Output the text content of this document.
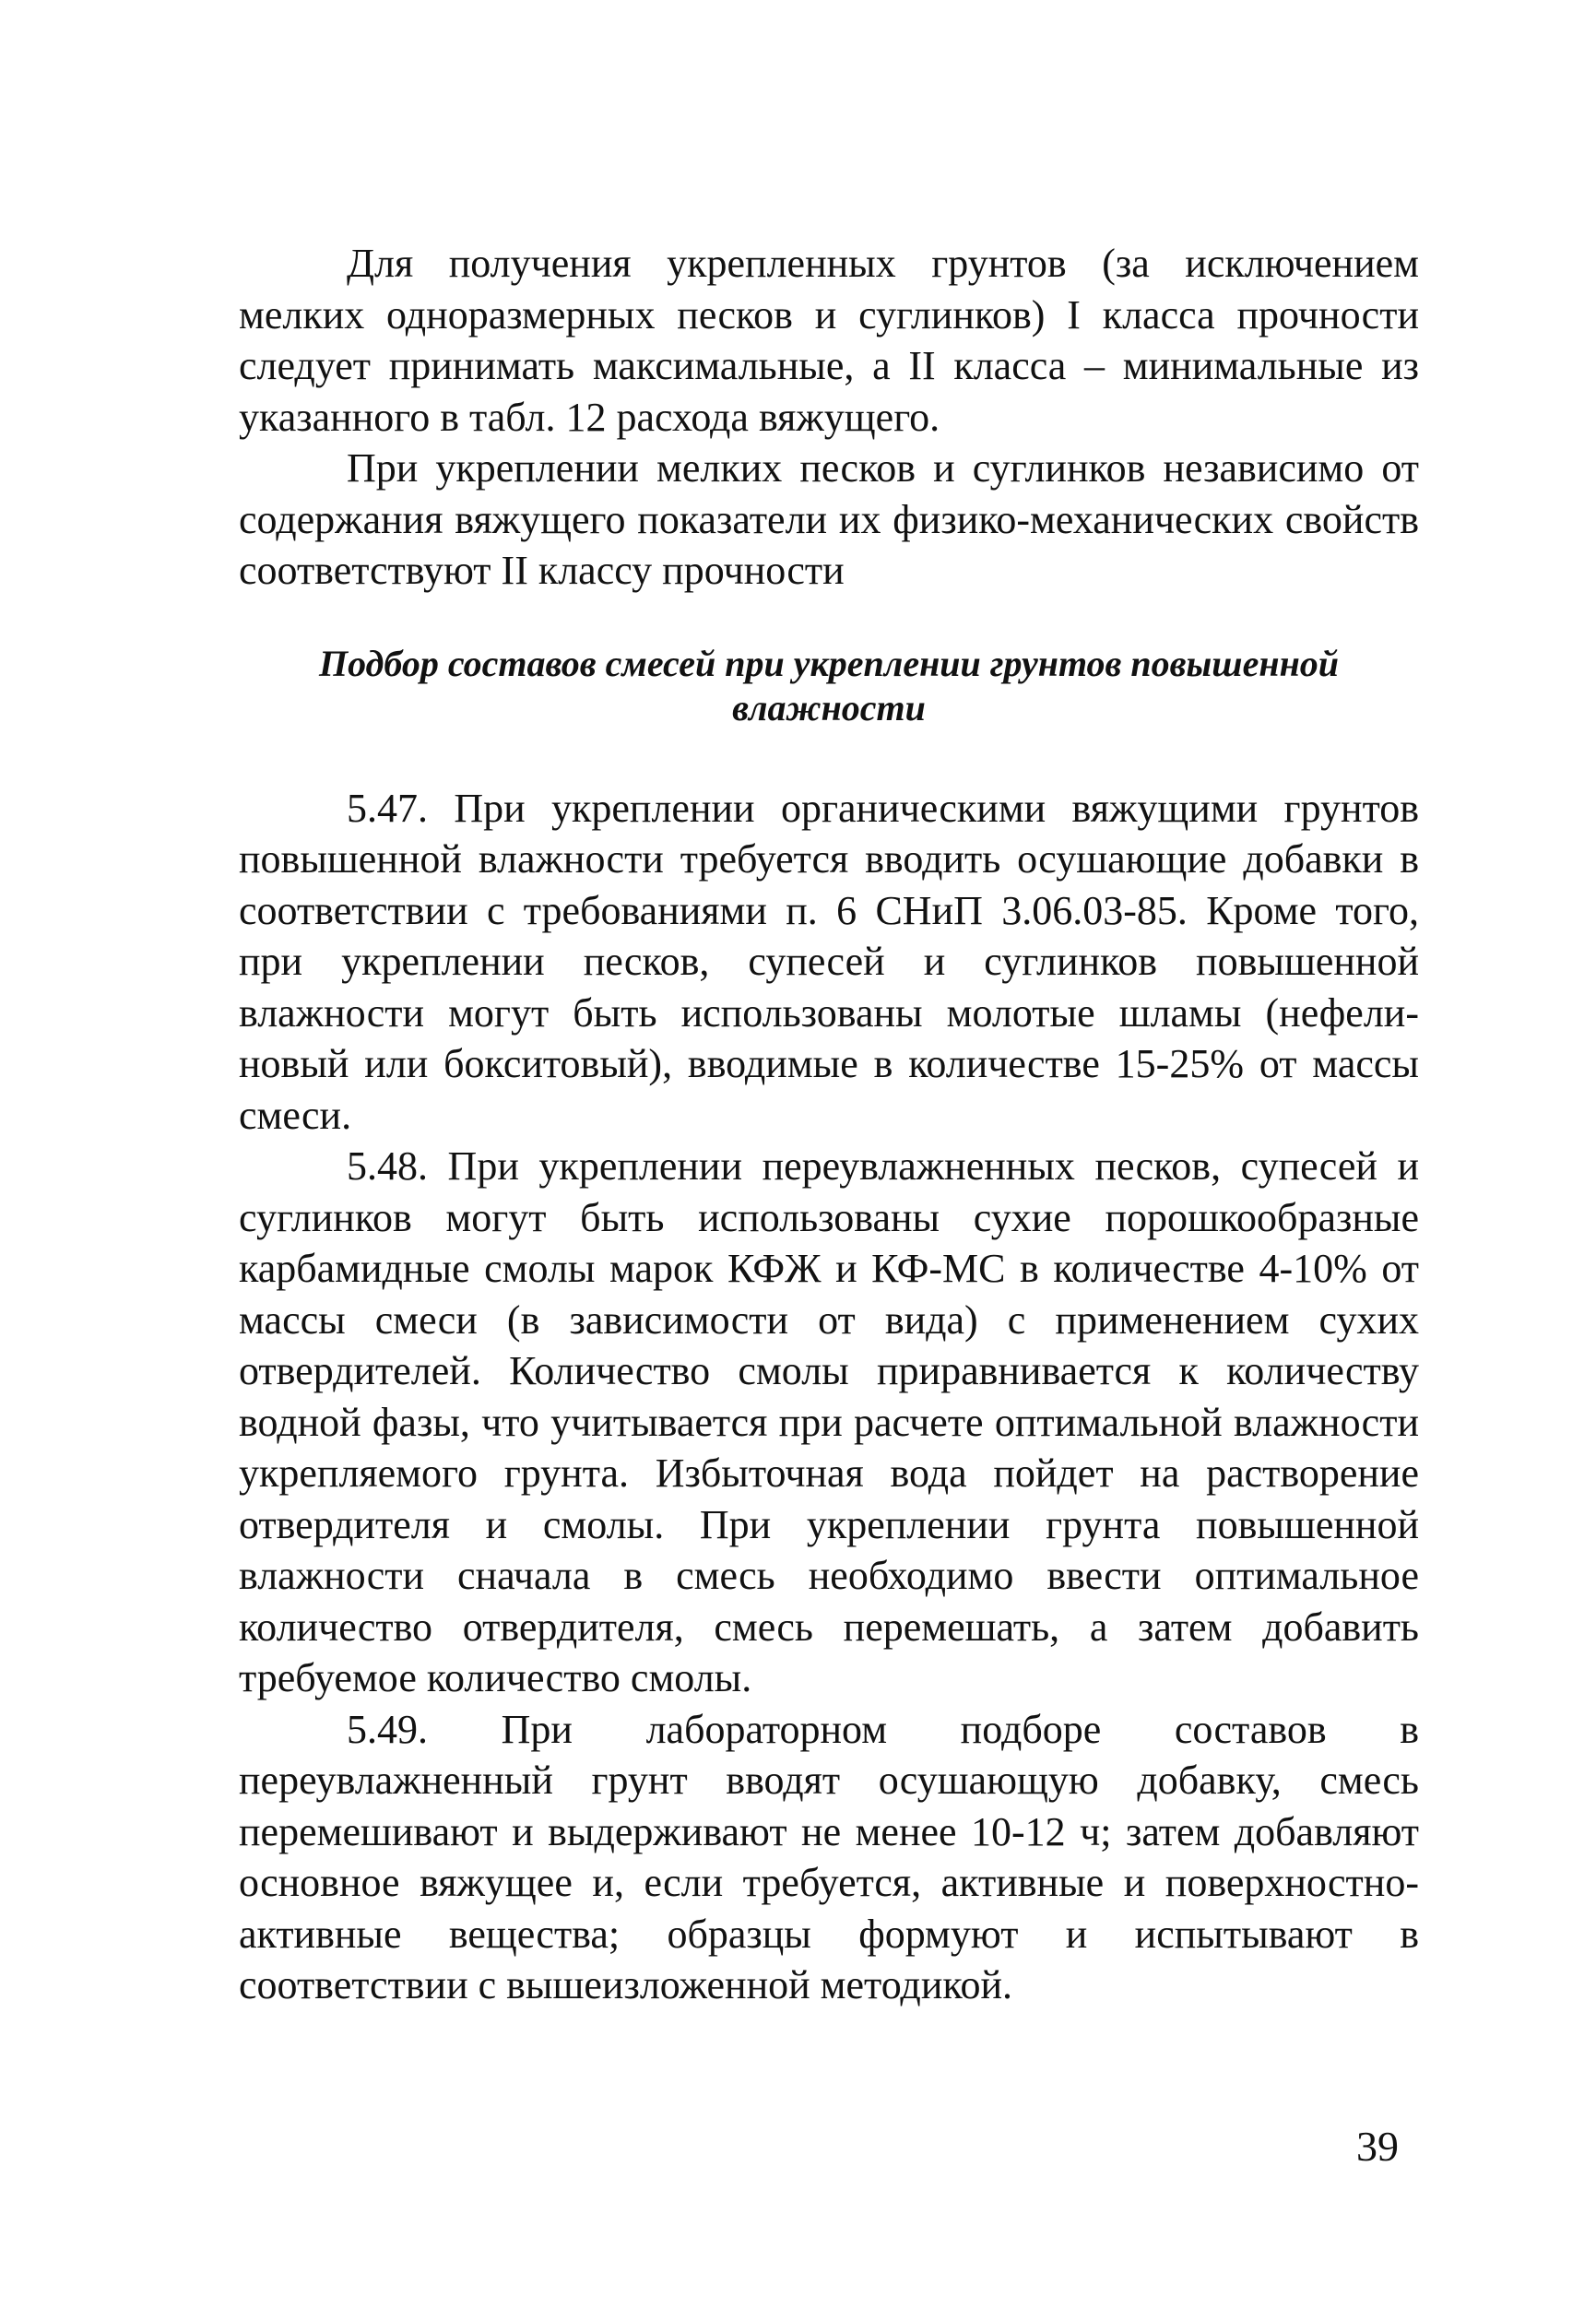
Для получения укрепленных грунтов (за исключением мелких одноразмерных песков и суглинков) I класса прочности следует принимать максимальные, а II класса – минимальные из указанного в табл. 12 расхода вяжущего.

При укреплении мелких песков и суглинков независимо от содержания вяжущего показатели их физико-механических свойств соответствуют II классу прочности

Подбор составов смесей при укреплении грунтов повышенной влажности

5.47. При укреплении органическими вяжущими грунтов повышенной влажности требуется вводить осушающие добавки в соответствии с требованиями п. 6 СНиП 3.06.03-85. Кроме того, при укреплении песков, супесей и суглинков повышенной влажности могут быть использованы молотые шламы (нефелиновый или бокситовый), вводимые в количестве 15-25% от массы смеси.

5.48. При укреплении переувлажненных песков, супесей и суглинков могут быть использованы сухие порошкообразные карбамидные смолы марок КФЖ и КФ-МС в количестве 4-10% от массы смеси (в зависимости от вида) с применением сухих отвердителей. Количество смолы приравнивается к количеству водной фазы, что учитывается при расчете оптимальной влажности укрепляемого грунта. Избыточная вода пойдет на растворение отвердителя и смолы. При укреплении грунта повышенной влажности сначала в смесь необходимо ввести оптимальное количество отвердителя, смесь перемешать, а затем добавить требуемое количество смолы.

5.49. При лабораторном подборе составов в переувлажненный грунт вводят осушающую добавку, смесь перемешивают и выдерживают не менее 10-12 ч; затем добавляют основное вяжущее и, если требуется, активные и поверхностно-активные вещества; образцы формуют и испытывают в соответствии с вышеизложенной методикой.

39
